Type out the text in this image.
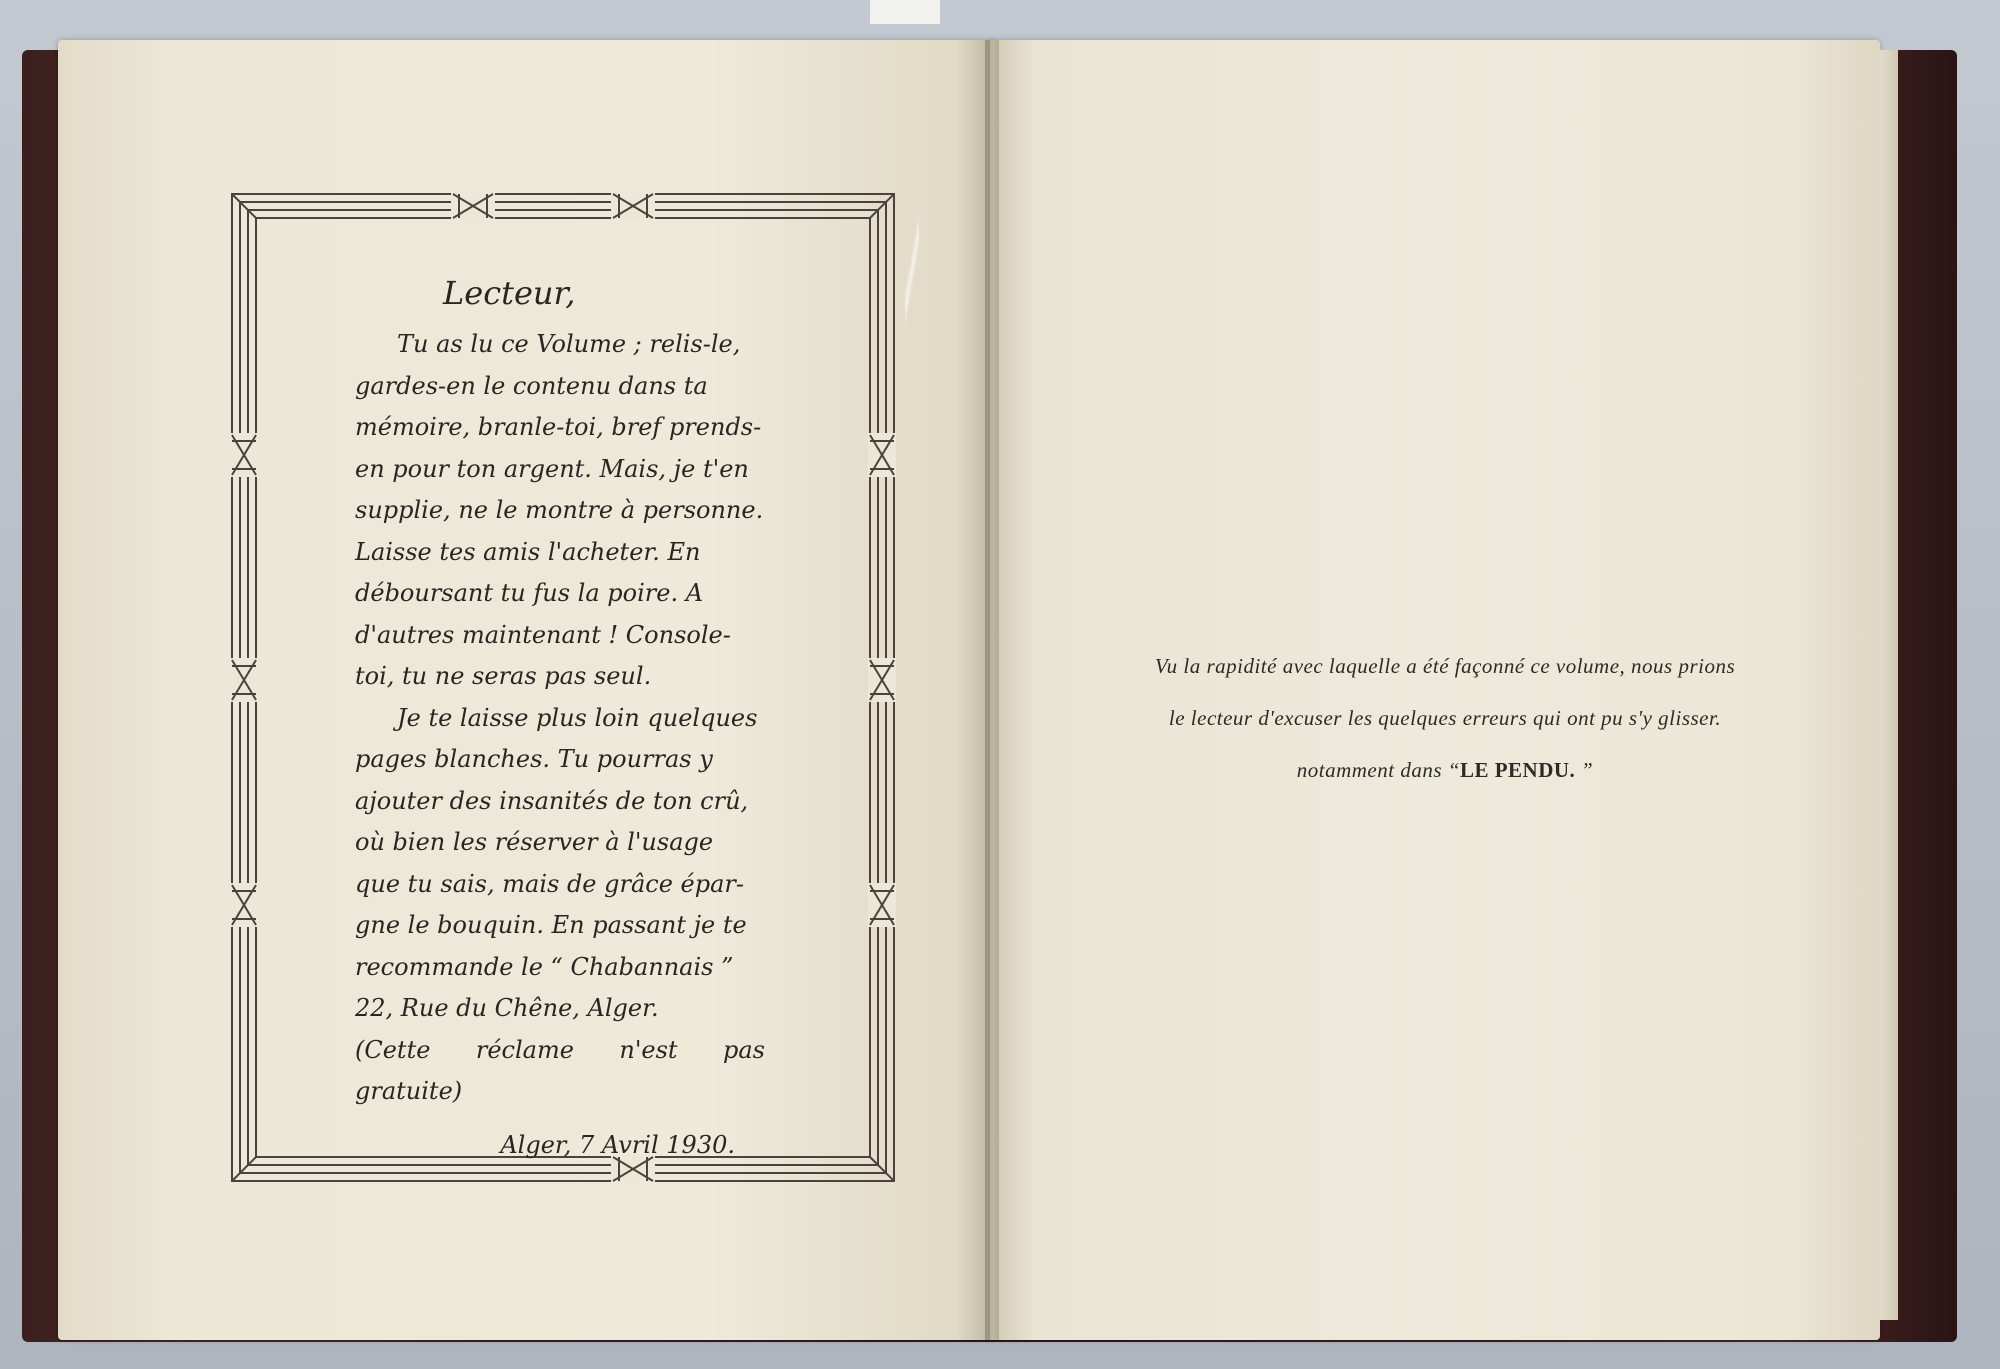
Lecteur,
Tu as lu ce Volume ; relis-le,
gardes-en le contenu dans ta
mémoire, branle-toi, bref prends-
en pour ton argent. Mais, je t'en
supplie, ne le montre à personne.
Laisse tes amis l'acheter. En
déboursant tu fus la poire. A
d'autres maintenant ! Console-
toi, tu ne seras pas seul.
Je te laisse plus loin quelques
pages blanches. Tu pourras y
ajouter des insanités de ton crû,
où bien les réserver à l'usage
que tu sais, mais de grâce épar-
gne le bouquin. En passant je te
recommande le “ Chabannais ”
22, Rue du Chêne, Alger.
(Cette réclame n'est pas gratuite)
Alger, 7 Avril 1930.
Vu la rapidité avec laquelle a été façonné ce volume, nous prions
le lecteur d'excuser les quelques erreurs qui ont pu s'y glisser.
notamment dans “LE PENDU. ”
